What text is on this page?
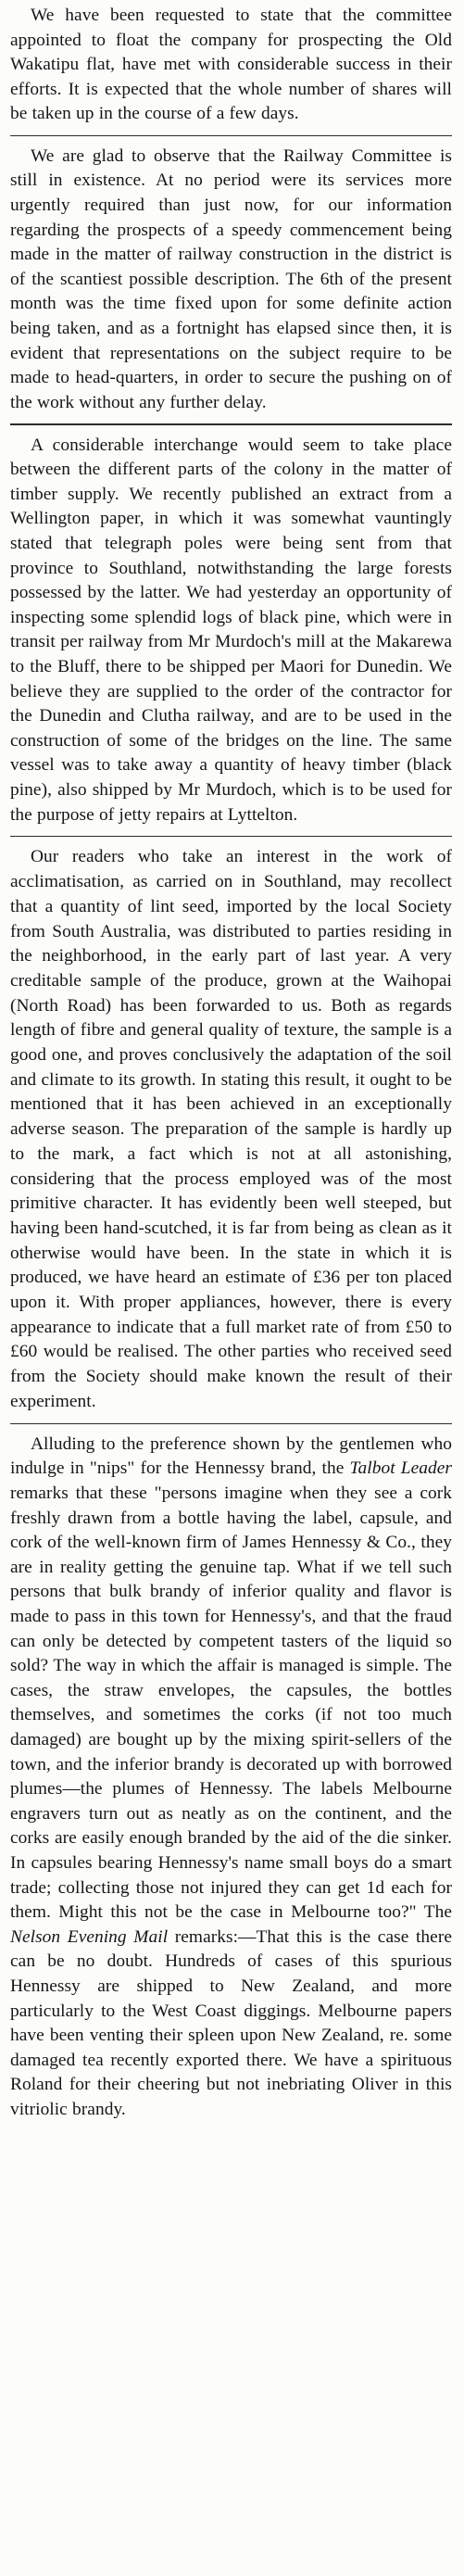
We have been requested to state that the committee appointed to float the company for prospecting the Old Wakatipu flat, have met with considerable success in their efforts. It is expected that the whole number of shares will be taken up in the course of a few days.

We are glad to observe that the Railway Committee is still in existence. At no period were its services more urgently required than just now, for our information regarding the prospects of a speedy commencement being made in the matter of railway construction in the district is of the scantiest possible description. The 6th of the present month was the time fixed upon for some definite action being taken, and as a fortnight has elapsed since then, it is evident that representations on the subject require to be made to head-quarters, in order to secure the pushing on of the work without any further delay.

A considerable interchange would seem to take place between the different parts of the colony in the matter of timber supply. We recently published an extract from a Wellington paper, in which it was somewhat vauntingly stated that telegraph poles were being sent from that province to Southland, notwithstanding the large forests possessed by the latter. We had yesterday an opportunity of inspecting some splendid logs of black pine, which were in transit per railway from Mr Murdoch's mill at the Makarewa to the Bluff, there to be shipped per Maori for Dunedin. We believe they are supplied to the order of the contractor for the Dunedin and Clutha railway, and are to be used in the construction of some of the bridges on the line. The same vessel was to take away a quantity of heavy timber (black pine), also shipped by Mr Murdoch, which is to be used for the purpose of jetty repairs at Lyttelton.

Our readers who take an interest in the work of acclimatisation, as carried on in Southland, may recollect that a quantity of lint seed, imported by the local Society from South Australia, was distributed to parties residing in the neighborhood, in the early part of last year. A very creditable sample of the produce, grown at the Waihopai (North Road) has been forwarded to us. Both as regards length of fibre and general quality of texture, the sample is a good one, and proves conclusively the adaptation of the soil and climate to its growth. In stating this result, it ought to be mentioned that it has been achieved in an exceptionally adverse season. The preparation of the sample is hardly up to the mark, a fact which is not at all astonishing, considering that the process employed was of the most primitive character. It has evidently been well steeped, but having been hand-scutched, it is far from being as clean as it otherwise would have been. In the state in which it is produced, we have heard an estimate of £36 per ton placed upon it. With proper appliances, however, there is every appearance to indicate that a full market rate of from £50 to £60 would be realised. The other parties who received seed from the Society should make known the result of their experiment.

Alluding to the preference shown by the gentlemen who indulge in "nips" for the Hennessy brand, the Talbot Leader remarks that these "persons imagine when they see a cork freshly drawn from a bottle having the label, capsule, and cork of the well-known firm of James Hennessy & Co., they are in reality getting the genuine tap. What if we tell such persons that bulk brandy of inferior quality and flavor is made to pass in this town for Hennessy's, and that the fraud can only be detected by competent tasters of the liquid so sold? The way in which the affair is managed is simple. The cases, the straw envelopes, the capsules, the bottles themselves, and sometimes the corks (if not too much damaged) are bought up by the mixing spirit-sellers of the town, and the inferior brandy is decorated up with borrowed plumes—the plumes of Hennessy. The labels Melbourne engravers turn out as neatly as on the continent, and the corks are easily enough branded by the aid of the die sinker. In capsules bearing Hennessy's name small boys do a smart trade; collecting those not injured they can get 1d each for them. Might this not be the case in Melbourne too?" The Nelson Evening Mail remarks:—That this is the case there can be no doubt. Hundreds of cases of this spurious Hennessy are shipped to New Zealand, and more particularly to the West Coast diggings. Melbourne papers have been venting their spleen upon New Zealand, re. some damaged tea recently exported there. We have a spirituous Roland for their cheering but not inebriating Oliver in this vitriolic brandy.
